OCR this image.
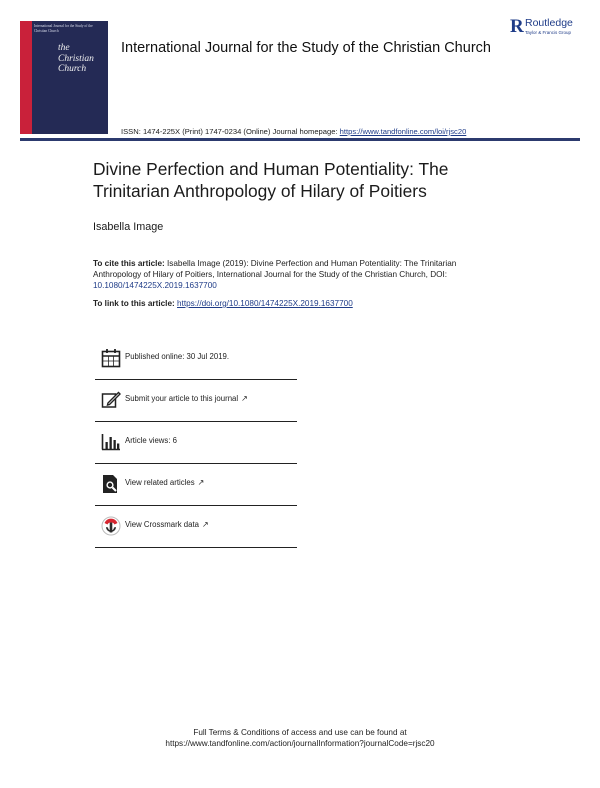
International Journal for the Study of the Christian Church
the
Christian
Church
International Journal for the Study of the Christian Church
R Routledge
Taylor & Francis Group
ISSN: 1474-225X (Print) 1747-0234 (Online) Journal homepage: https://www.tandfonline.com/loi/rjsc20
Divine Perfection and Human Potentiality: The Trinitarian Anthropology of Hilary of Poitiers
Isabella Image
To cite this article: Isabella Image (2019): Divine Perfection and Human Potentiality: The Trinitarian Anthropology of Hilary of Poitiers, International Journal for the Study of the Christian Church, DOI: 10.1080/1474225X.2019.1637700
To link to this article: https://doi.org/10.1080/1474225X.2019.1637700
Published online: 30 Jul 2019.
Submit your article to this journal ↗
Article views: 6
View related articles ↗
View Crossmark data ↗
Full Terms & Conditions of access and use can be found at
https://www.tandfonline.com/action/journalInformation?journalCode=rjsc20
